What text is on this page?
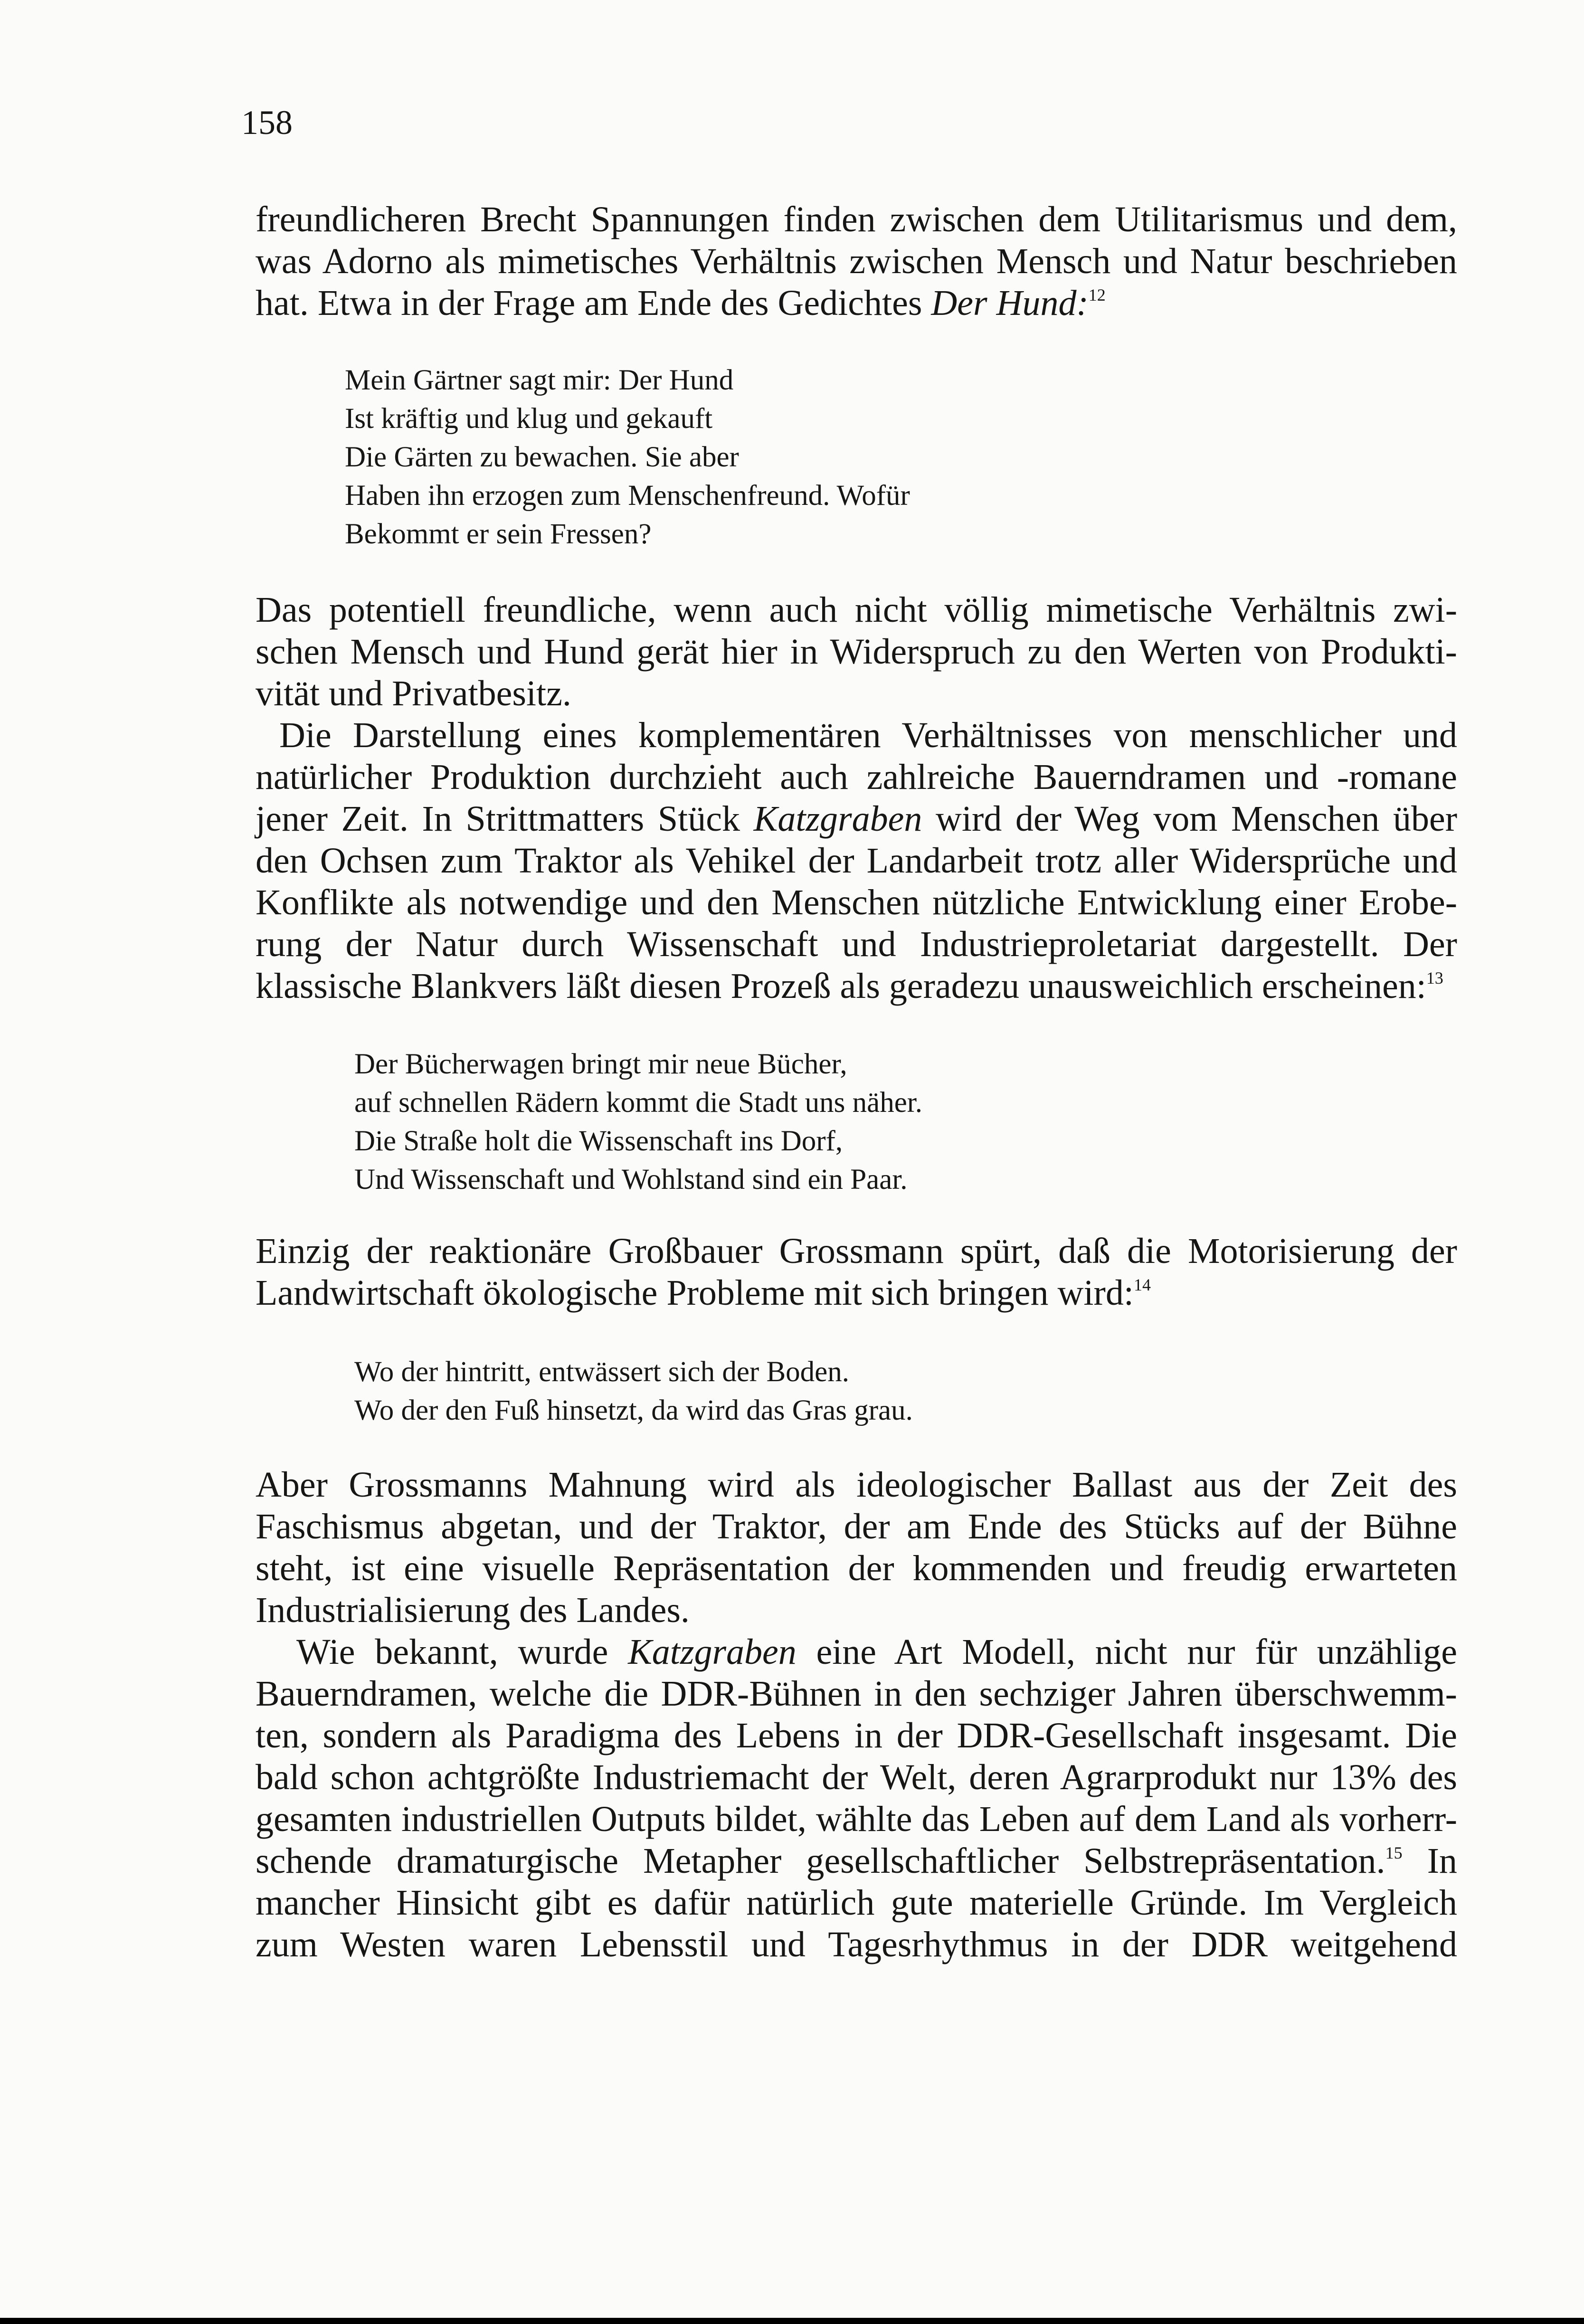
158
freundlicheren Brecht Spannungen finden zwischen dem Utilitarismus und dem,
was Adorno als mimetisches Verhältnis zwischen Mensch und Natur beschrieben
hat. Etwa in der Frage am Ende des Gedichtes Der Hund:$^{12}$
Mein Gärtner sagt mir: Der Hund
Ist kräftig und klug und gekauft
Die Gärten zu bewachen. Sie aber
Haben ihn erzogen zum Menschenfreund. Wofür
Bekommt er sein Fressen?
Das potentiell freundliche, wenn auch nicht völlig mimetische Verhältnis zwi-
schen Mensch und Hund gerät hier in Widerspruch zu den Werten von Produkti-
vität und Privatbesitz.
Die Darstellung eines komplementären Verhältnisses von menschlicher und
natürlicher Produktion durchzieht auch zahlreiche Bauerndramen und -romane
jener Zeit. In Strittmatters Stück Katzgraben wird der Weg vom Menschen über
den Ochsen zum Traktor als Vehikel der Landarbeit trotz aller Widersprüche und
Konflikte als notwendige und den Menschen nützliche Entwicklung einer Erobe-
rung der Natur durch Wissenschaft und Industrieproletariat dargestellt. Der
klassische Blankvers läßt diesen Prozeß als geradezu unausweichlich erscheinen:$^{13}$
Der Bücherwagen bringt mir neue Bücher,
auf schnellen Rädern kommt die Stadt uns näher.
Die Straße holt die Wissenschaft ins Dorf,
Und Wissenschaft und Wohlstand sind ein Paar.
Einzig der reaktionäre Großbauer Grossmann spürt, daß die Motorisierung der
Landwirtschaft ökologische Probleme mit sich bringen wird:$^{14}$
Wo der hintritt, entwässert sich der Boden.
Wo der den Fuß hinsetzt, da wird das Gras grau.
Aber Grossmanns Mahnung wird als ideologischer Ballast aus der Zeit des
Faschismus abgetan, und der Traktor, der am Ende des Stücks auf der Bühne
steht, ist eine visuelle Repräsentation der kommenden und freudig erwarteten
Industrialisierung des Landes.
Wie bekannt, wurde Katzgraben eine Art Modell, nicht nur für unzählige
Bauerndramen, welche die DDR-Bühnen in den sechziger Jahren überschwemm-
ten, sondern als Paradigma des Lebens in der DDR-Gesellschaft insgesamt. Die
bald schon achtgrößte Industriemacht der Welt, deren Agrarprodukt nur 13% des
gesamten industriellen Outputs bildet, wählte das Leben auf dem Land als vorherr-
schende dramaturgische Metapher gesellschaftlicher Selbstrepräsentation.$^{15}$ In
mancher Hinsicht gibt es dafür natürlich gute materielle Gründe. Im Vergleich
zum Westen waren Lebensstil und Tagesrhythmus in der DDR weitgehend
